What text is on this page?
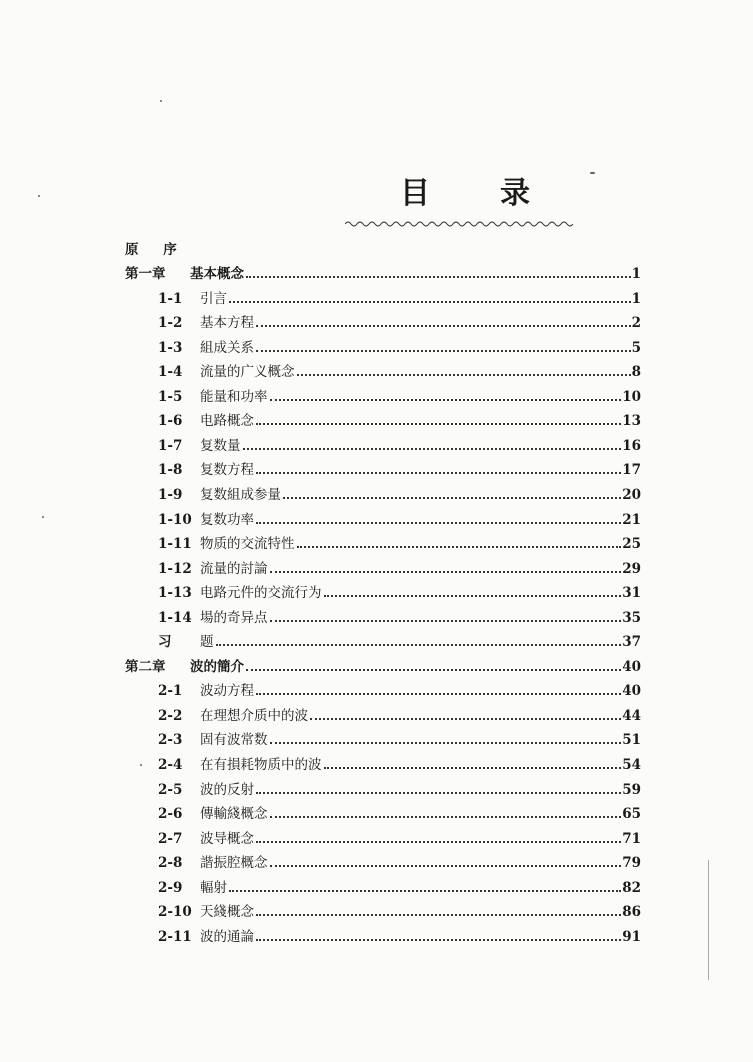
目 录
原 序
第一章 基本概念	1
1-1 引言	1
1-2 基本方程	2
1-3 組成关系	5
1-4 流量的广义概念	8
1-5 能量和功率	10
1-6 电路概念	13
1-7 复数量	16
1-8 复数方程	17
1-9 复数組成参量	20
1-10 复数功率	21
1-11 物质的交流特性	25
1-12 流量的討論	29
1-13 电路元件的交流行为	31
1-14 場的奇异点	35
习 题	37
第二章 波的簡介	40
2-1 波动方程	40
2-2 在理想介质中的波	44
2-3 固有波常数	51
2-4 在有損耗物质中的波	54
2-5 波的反射	59
2-6 傳輸綫概念	65
2-7 波导概念	71
2-8 諧振腔概念	79
2-9 輻射	82
2-10 天綫概念	86
2-11 波的通論	91
